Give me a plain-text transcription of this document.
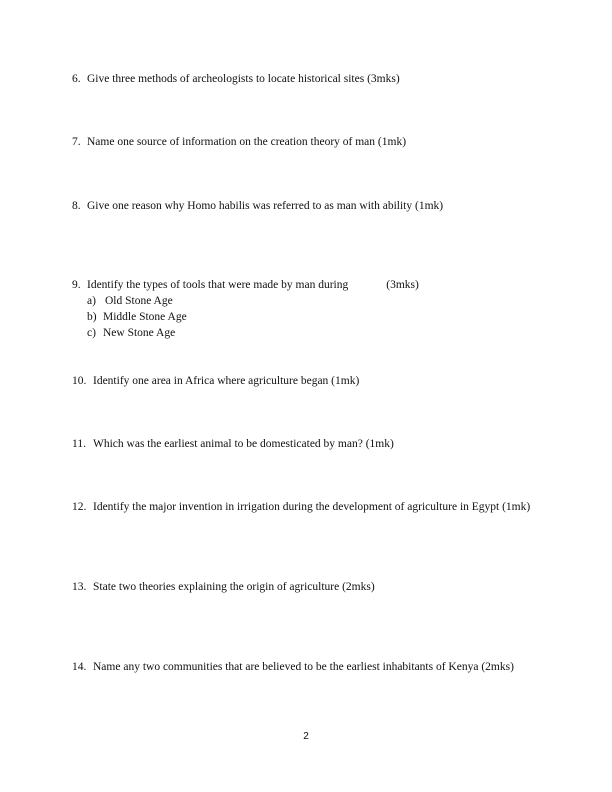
6. Give three methods of archeologists to locate historical sites (3mks)
7. Name one source of information on the creation theory of man (1mk)
8. Give one reason why Homo habilis was referred to as man with ability (1mk)
9. Identify the types of tools that were made by man during	(3mks)
a) Old Stone Age
b) Middle Stone Age
c) New Stone Age
10. Identify one area in Africa where agriculture began (1mk)
11. Which was the earliest animal to be domesticated by man? (1mk)
12. Identify the major invention in irrigation during the development of agriculture in Egypt (1mk)
13. State two theories explaining the origin of agriculture (2mks)
14. Name any two communities that are believed to be the earliest inhabitants of Kenya (2mks)
2
